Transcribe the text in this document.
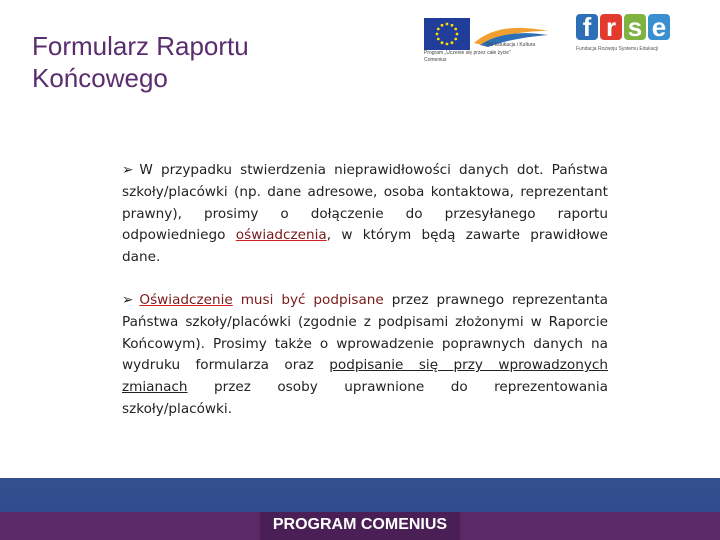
Formularz Raportu Końcowego
DG Edukacja i Kultura
Program „Uczenie się przez całe życie”
Comenius
f r s e
Fundacja Rozwoju Systemu Edukacji

➢ W przypadku stwierdzenia nieprawidłowości danych dot. Państwa szkoły/placówki (np. dane adresowe, osoba kontaktowa, reprezentant prawny), prosimy o dołączenie do przesyłanego raportu odpowiedniego oświadczenia, w którym będą zawarte prawidłowe dane.

➢ Oświadczenie musi być podpisane przez prawnego reprezentanta Państwa szkoły/placówki (zgodnie z podpisami złożonymi w Raporcie Końcowym). Prosimy także o wprowadzenie poprawnych danych na wydruku formularza oraz podpisanie się przy wprowadzonych zmianach przez osoby uprawnione do reprezentowania szkoły/placówki.

PROGRAM COMENIUS
